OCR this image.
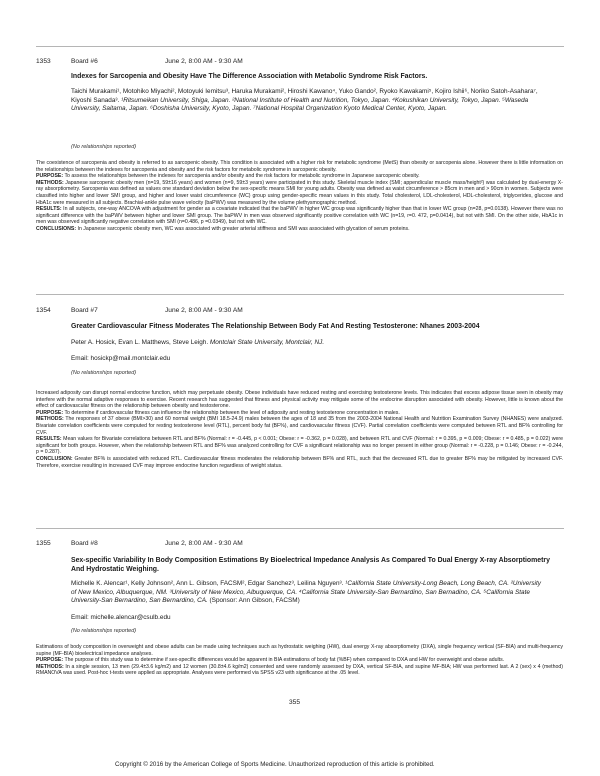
1353	Board #6	June 2, 8:00 AM - 9:30 AM
Indexes for Sarcopenia and Obesity Have The Difference Association with Metabolic Syndrome Risk Factors.
Taichi Murakami¹, Motohiko Miyachi², Motoyuki Iemitsu³, Haruka Murakami², Hiroshi Kawano⁴, Yuko Gando², Ryoko Kawakami⁵, Kojiro Ishii⁶, Noriko Satoh-Asahara⁷, Kiyoshi Sanada³. ¹Ritsumeikan University, Shiga, Japan. ²National Institute of Health and Nutrition, Tokyo, Japan. ⁴Kokushikan University, Tokyo, Japan. ⁵Waseda University, Saitama, Japan. ⁶Doshisha University, Kyoto, Japan. ⁷National Hospital Organization Kyoto Medical Center, Kyoto, Japan.
(No relationships reported)

The coexistence of sarcopenia and obesity is referred to as sarcopenic obesity. This condition is associated with a higher risk for metabolic syndrome (MetS) than obesity or sarcopenia alone. However there is little information on the relationships between the indexes for sarcopenia and obesity and the risk factors for metabolic syndrome in sarcopenic obesity.

PURPOSE: To assess the relationships between the indexes for sarcopenia and/or obesity and the risk factors for metabolic syndrome in Japanese sarcopenic obesity.

METHODS: Japanese sarcopenic obesity men (n=19, 59±16 years) and women (n=9, 59±3 years) were participated in this study. Skeletal muscle index (SMI; appendicular muscle mass/height²) was calculated by dual-energy X-ray absorptiometry. Sarcopenia was defined as values one standard deviation below the sex-specific means SMI for young adults. Obesity was defined as waist circumference > 85cm in men and > 90cm in women. Subjects were classified into higher and lower SMI group, and higher and lower waist circumference (WC) group using gender-specific mean values in this study. Total cholesterol, LDL-cholesterol, HDL-cholesterol, triglycerides, glucose and HbA1c were measured in all subjects. Brachial-ankle pulse wave velocity (baPWV) was measured by the volume plethysmographic method.

RESULTS: In all subjects, one-way ANCOVA with adjustment for gender as a covariate indicated that the baPWV in higher WC group was significantly higher than that in lower WC group (n=28, p=0.0138). However there was no significant difference with the baPWV between higher and lower SMI group. The baPWV in men was observed significantly positive correlation with WC (n=19, r=0. 472, p=0.0414), but not with SMI. On the other side, HbA1c in men was observed significantly negative correlation with SMI (n=0.486, p =0.0349), but not with WC.

CONCLUSIONS: In Japanese sarcopenic obesity men, WC was associated with greater arterial stiffness and SMI was associated with glycation of serum proteins.

1354	Board #7	June 2, 8:00 AM - 9:30 AM
Greater Cardiovascular Fitness Moderates The Relationship Between Body Fat And Resting Testosterone: Nhanes 2003-2004
Peter A. Hosick, Evan L. Matthews, Steve Leigh. Montclair State University, Montclair, NJ.
Email: hosickp@mail.montclair.edu
(No relationships reported)

Increased adiposity can disrupt normal endocrine function, which may perpetuate obesity. Obese individuals have reduced resting and exercising testosterone levels. This indicates that excess adipose tissue seen in obesity may interfere with the normal adaptive responses to exercise. Recent research has suggested that fitness and physical activity may mitigate some of the endocrine disruption associated with obesity. However, little is known about the effect of cardiovascular fitness on the relationship between obesity and testosterone.

PURPOSE: To determine if cardiovascular fitness can influence the relationship between the level of adiposity and resting testosterone concentration in males.

METHODS: The responses of 37 obese (BMI>30) and 60 normal weight (BMI 18.5-24.9) males between the ages of 18 and 35 from the 2003-2004 National Health and Nutrition Examination Survey (NHANES) were analyzed. Bivariate correlation coefficients were computed for resting testosterone level (RTL), percent body fat (BF%), and cardiovascular fitness (CVF). Partial correlation coefficients were computed between RTL and BF% controlling for CVF.

RESULTS: Mean values for Bivariate correlations between RTL and BF% (Normal: r = -0.445, p < 0.001; Obese: r = -0.362, p = 0.028), and between RTL and CVF (Normal: r = 0.395, p = 0.009; Obese: r = 0.485, p = 0.022) were significant for both groups. However, when the relationship between RTL and BF% was analyzed controlling for CVF a significant relationship was no longer present in either group (Normal: r = -0.228, p = 0.146; Obese: r = -0.244, p = 0.287).

CONCLUSION: Greater BF% is associated with reduced RTL. Cardiovascular fitness moderates the relationship between BF% and RTL, such that the decreased RTL due to greater BF% may be mitigated by increased CVF. Therefore, exercise resulting in increased CVF may improve endocrine function regardless of weight status.

1355	Board #8	June 2, 8:00 AM - 9:30 AM
Sex-specific Variability In Body Composition Estimations By Bioelectrical Impedance Analysis As Compared To Dual Energy X-ray Absorptiometry And Hydrostatic Weighing.
Michelle K. Alencar¹, Kelly Johnson², Ann L. Gibson, FACSM², Edgar Sanchez³, Leilina Nguyen³. ¹California State University-Long Beach, Long Beach, CA. ²University of New Mexico, Albuquerque, NM. ³University of New Mexico, Albuquerque, CA. ⁴California State University-San Bernardino, San Bernadino, CA. ⁵California State University-San Bernardino, San Bernardino, CA. (Sponsor: Ann Gibson, FACSM)
Email: michelle.alencar@csulb.edu
(No relationships reported)

Estimations of body composition in overweight and obese adults can be made using techniques such as hydrostatic weighing (HW), dual energy X-ray absorptiometry (DXA), single frequency vertical (SF-BIA) and multi-frequency supine (MF-BIA) bioelectrical impedance analyses.

PURPOSE: The purpose of this study was to determine if sex-specific differences would be apparent in BIA estimations of body fat (%BF) when compared to DXA and HW for overweight and obese adults.

METHODS: In a single session, 13 men (29.4±3.6 kg/m2) and 12 women (30.8±4.6 kg/m2) consented and were randomly assessed by DXA, vertical SF-BIA, and supine MF-BIA; HW was performed last. A 2 (sex) x 4 (method) RMANOVA was used. Post-hoc t-tests were applied as appropriate. Analyses were performed via SPSS v23 with significance at the .05 level.

355
Copyright © 2016 by the American College of Sports Medicine. Unauthorized reproduction of this article is prohibited.
